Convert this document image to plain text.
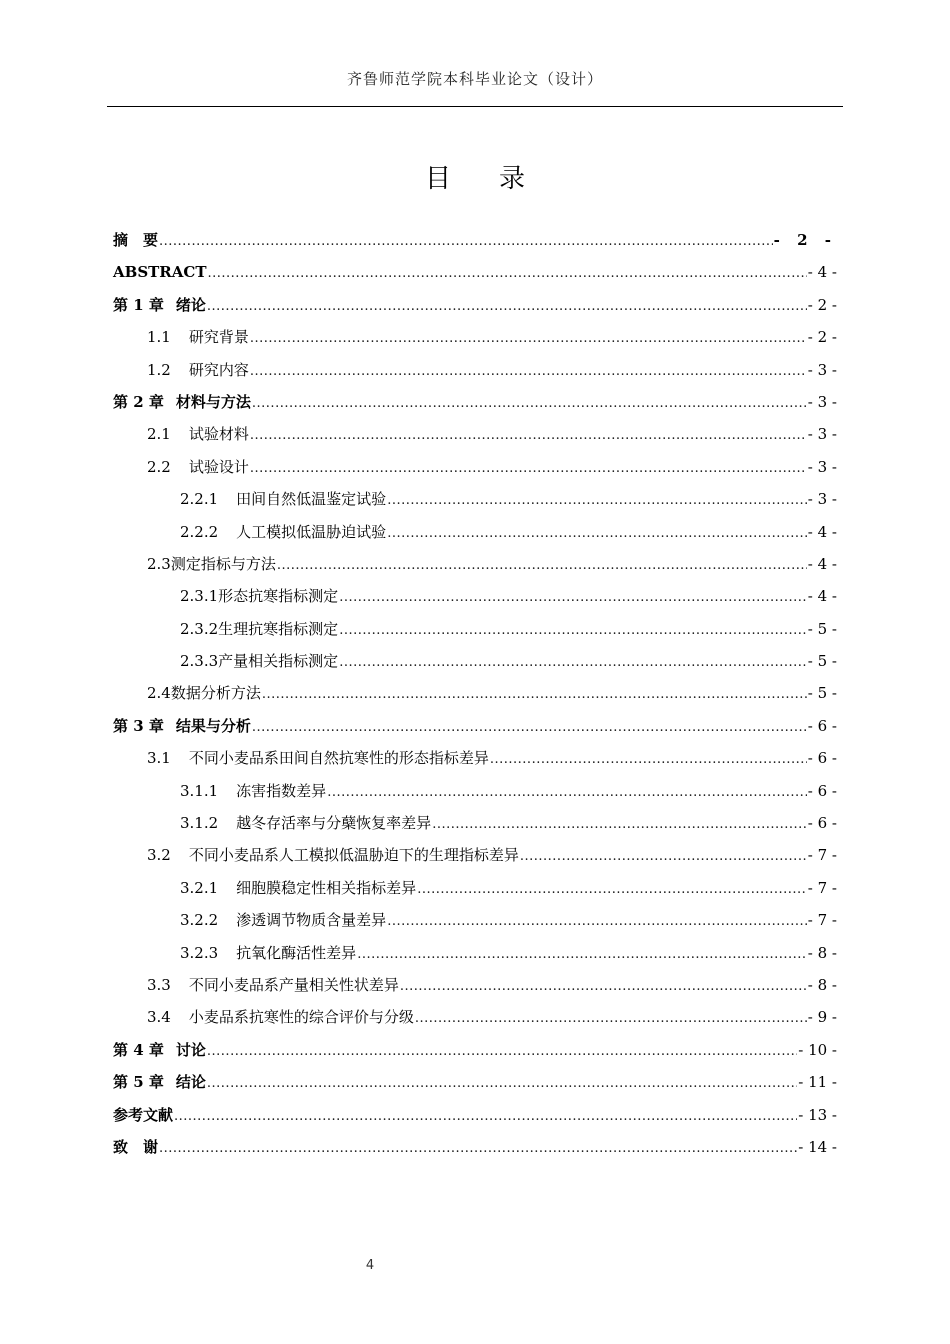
齐鲁师范学院本科毕业论文（设计）
目 录
摘　要 .....	- 2 -
ABSTRACT .....	- 4 -
第 1 章 绪论 .....	- 2 -
1.1 研究背景 .....	- 2 -
1.2 研究内容 .....	- 3 -
第 2 章 材料与方法 .....	- 3 -
2.1 试验材料 .....	- 3 -
2.2 试验设计 .....	- 3 -
2.2.1 田间自然低温鉴定试验 .....	- 3 -
2.2.2 人工模拟低温胁迫试验 .....	- 4 -
2.3 测定指标与方法 .....	- 4 -
2.3.1 形态抗寒指标测定 .....	- 4 -
2.3.2 生理抗寒指标测定 .....	- 5 -
2.3.3 产量相关指标测定 .....	- 5 -
2.4 数据分析方法 .....	- 5 -
第 3 章 结果与分析 .....	- 6 -
3.1 不同小麦品系田间自然抗寒性的形态指标差异 .....	- 6 -
3.1.1 冻害指数差异 .....	- 6 -
3.1.2 越冬存活率与分蘖恢复率差异 .....	- 6 -
3.2 不同小麦品系人工模拟低温胁迫下的生理指标差异 .....	- 7 -
3.2.1 细胞膜稳定性相关指标差异 .....	- 7 -
3.2.2 渗透调节物质含量差异 .....	- 7 -
3.2.3 抗氧化酶活性差异 .....	- 8 -
3.3 不同小麦品系产量相关性状差异 .....	- 8 -
3.4 小麦品系抗寒性的综合评价与分级 .....	- 9 -
第 4 章 讨论 .....	- 10 -
第 5 章 结论 .....	- 11 -
参考文献 .....	- 13 -
致　谢 .....	- 14 -
4
